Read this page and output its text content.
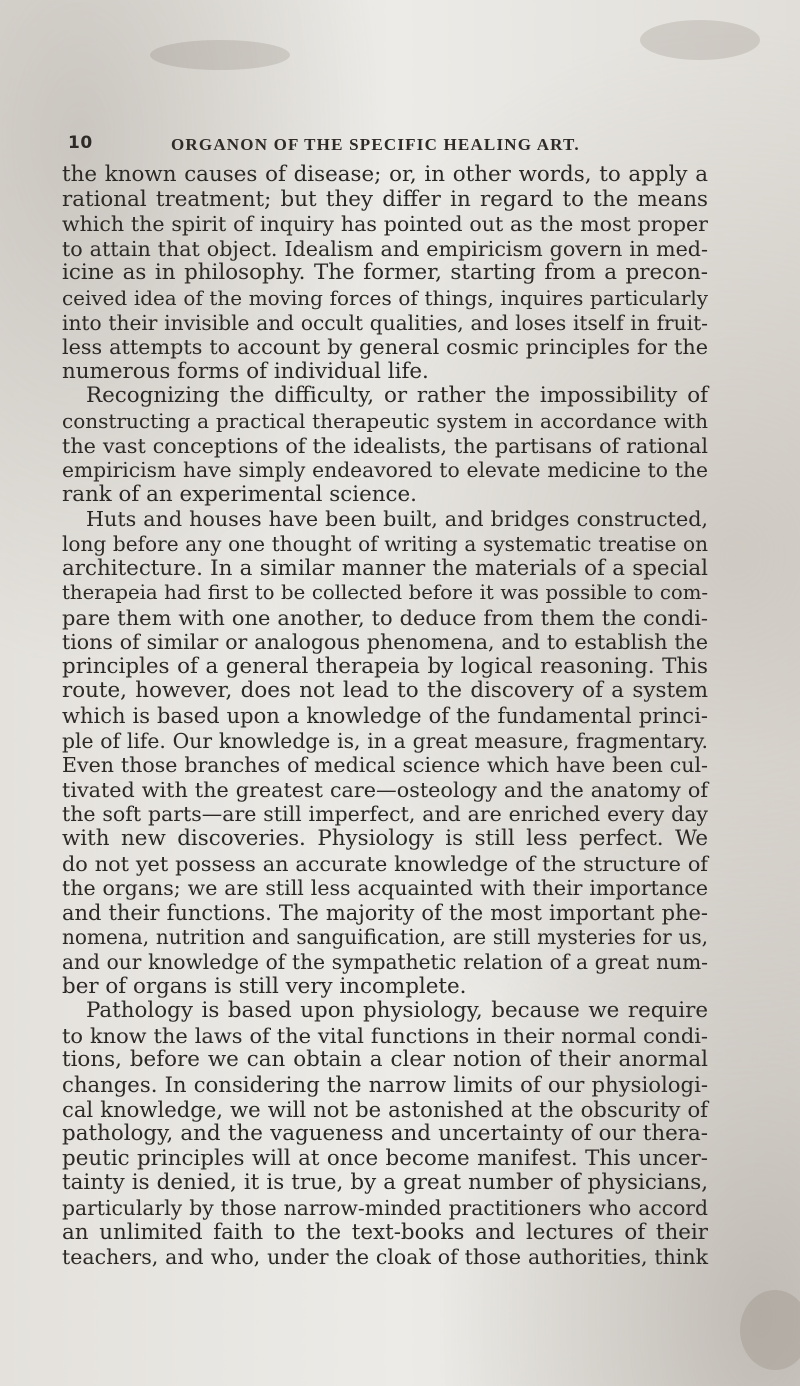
10	ORGANON OF THE SPECIFIC HEALING ART.
the known causes of disease; or, in other words, to apply a
rational treatment; but they differ in regard to the means
which the spirit of inquiry has pointed out as the most proper
to attain that object. Idealism and empiricism govern in med-
icine as in philosophy. The former, starting from a precon-
ceived idea of the moving forces of things, inquires particularly
into their invisible and occult qualities, and loses itself in fruit-
less attempts to account by general cosmic principles for the
numerous forms of individual life.
Recognizing the difficulty, or rather the impossibility of
constructing a practical therapeutic system in accordance with
the vast conceptions of the idealists, the partisans of rational
empiricism have simply endeavored to elevate medicine to the
rank of an experimental science.
Huts and houses have been built, and bridges constructed,
long before any one thought of writing a systematic treatise on
architecture. In a similar manner the materials of a special
therapeia had first to be collected before it was possible to com-
pare them with one another, to deduce from them the condi-
tions of similar or analogous phenomena, and to establish the
principles of a general therapeia by logical reasoning. This
route, however, does not lead to the discovery of a system
which is based upon a knowledge of the fundamental princi-
ple of life. Our knowledge is, in a great measure, fragmentary.
Even those branches of medical science which have been cul-
tivated with the greatest care—osteology and the anatomy of
the soft parts—are still imperfect, and are enriched every day
with new discoveries. Physiology is still less perfect. We
do not yet possess an accurate knowledge of the structure of
the organs; we are still less acquainted with their importance
and their functions. The majority of the most important phe-
nomena, nutrition and sanguification, are still mysteries for us,
and our knowledge of the sympathetic relation of a great num-
ber of organs is still very incomplete.
Pathology is based upon physiology, because we require
to know the laws of the vital functions in their normal condi-
tions, before we can obtain a clear notion of their anormal
changes. In considering the narrow limits of our physiologi-
cal knowledge, we will not be astonished at the obscurity of
pathology, and the vagueness and uncertainty of our thera-
peutic principles will at once become manifest. This uncer-
tainty is denied, it is true, by a great number of physicians,
particularly by those narrow-minded practitioners who accord
an unlimited faith to the text-books and lectures of their
teachers, and who, under the cloak of those authorities, think
